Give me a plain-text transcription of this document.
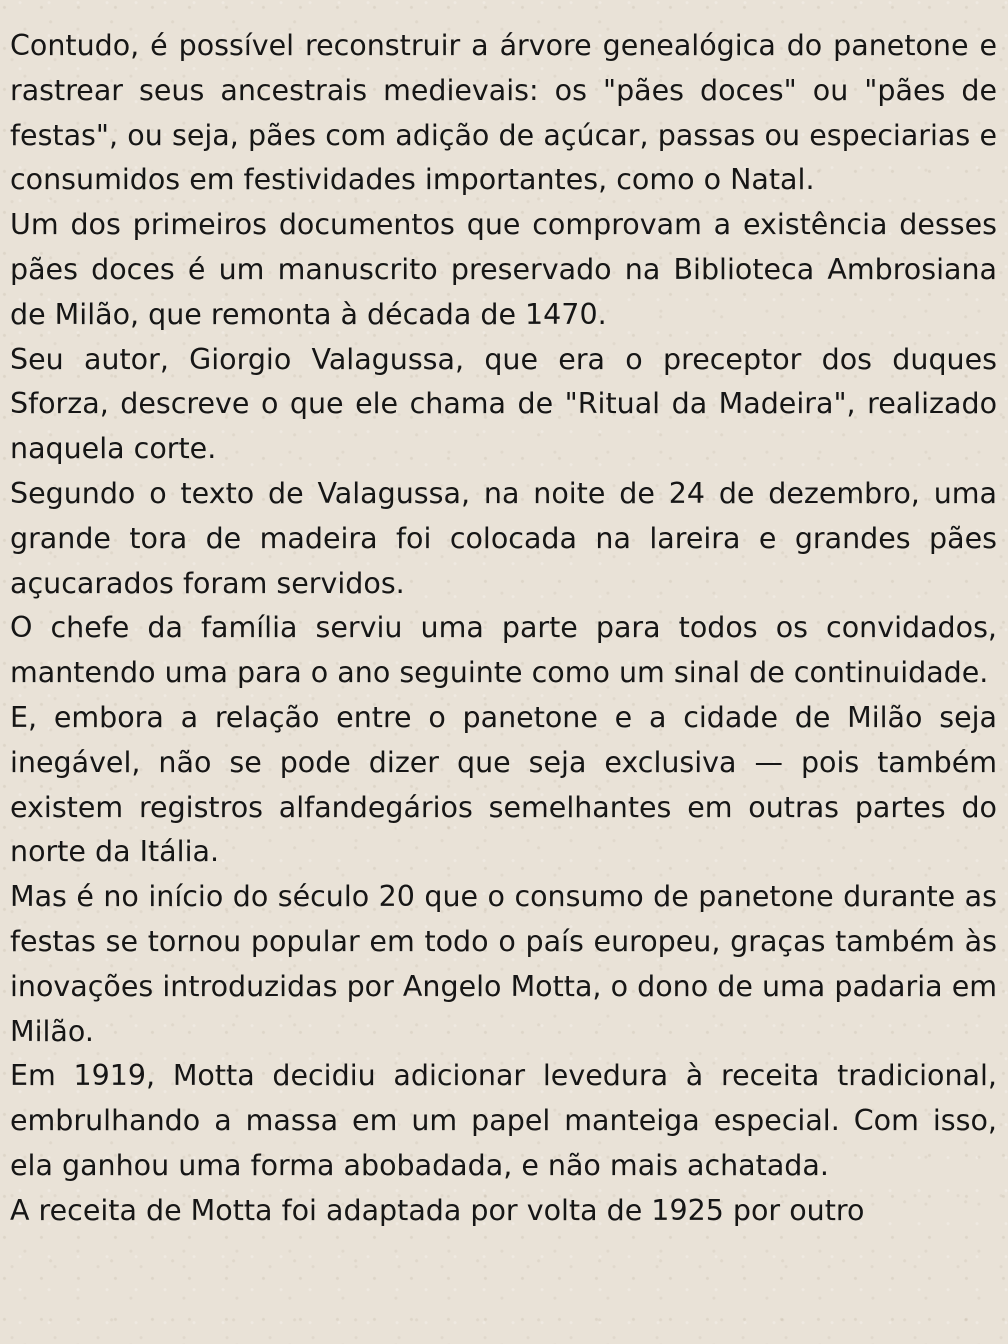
Contudo, é possível reconstruir a árvore genealógica do panetone e rastrear seus ancestrais medievais: os "pães doces" ou "pães de festas", ou seja, pães com adição de açúcar, passas ou especiarias e consumidos em festividades importantes, como o Natal.

Um dos primeiros documentos que comprovam a existência desses pães doces é um manuscrito preservado na Biblioteca Ambrosiana de Milão, que remonta à década de 1470.

Seu autor, Giorgio Valagussa, que era o preceptor dos duques Sforza, descreve o que ele chama de "Ritual da Madeira", realizado naquela corte.

Segundo o texto de Valagussa, na noite de 24 de dezembro, uma grande tora de madeira foi colocada na lareira e grandes pães açucarados foram servidos.

O chefe da família serviu uma parte para todos os convidados, mantendo uma para o ano seguinte como um sinal de continuidade.

E, embora a relação entre o panetone e a cidade de Milão seja inegável, não se pode dizer que seja exclusiva — pois também existem registros alfandegários semelhantes em outras partes do norte da Itália.

Mas é no início do século 20 que o consumo de panetone durante as festas se tornou popular em todo o país europeu, graças também às inovações introduzidas por Angelo Motta, o dono de uma padaria em Milão.

Em 1919, Motta decidiu adicionar levedura à receita tradicional, embrulhando a massa em um papel manteiga especial. Com isso, ela ganhou uma forma abobadada, e não mais achatada.

A receita de Motta foi adaptada por volta de 1925 por outro
